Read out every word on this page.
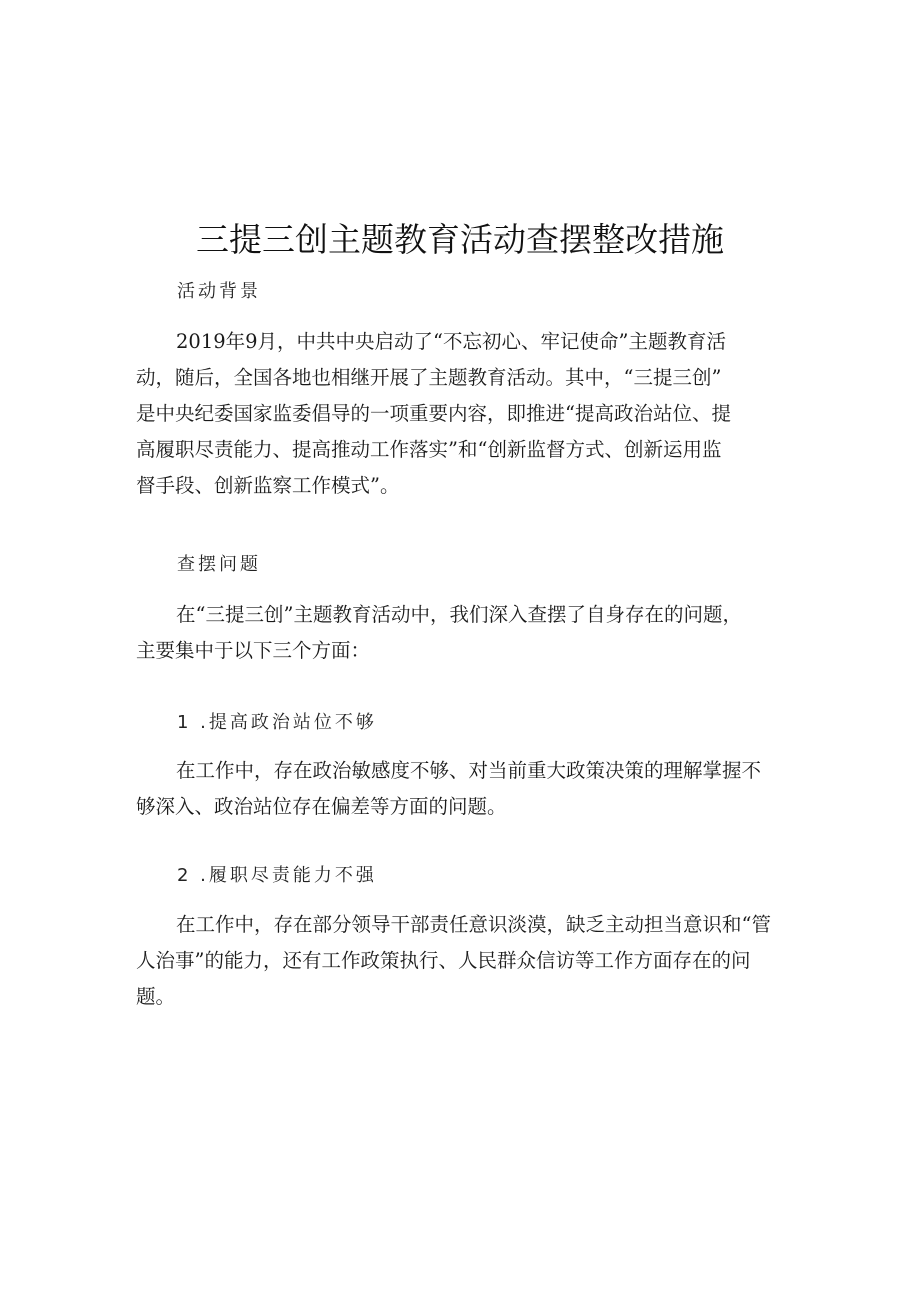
三提三创主题教育活动查摆整改措施
活动背景
2019年9月，中共中央启动了“不忘初心、牢记使命”主题教育活
动，随后，全国各地也相继开展了主题教育活动。其中，“三提三创”
是中央纪委国家监委倡导的一项重要内容，即推进“提高政治站位、提
高履职尽责能力、提高推动工作落实”和“创新监督方式、创新运用监
督手段、创新监察工作模式”。
查摆问题
在“三提三创”主题教育活动中，我们深入查摆了自身存在的问题，
主要集中于以下三个方面：
1 .提高政治站位不够
在工作中，存在政治敏感度不够、对当前重大政策决策的理解掌握不
够深入、政治站位存在偏差等方面的问题。
2 .履职尽责能力不强
在工作中，存在部分领导干部责任意识淡漠，缺乏主动担当意识和“管
人治事”的能力，还有工作政策执行、人民群众信访等工作方面存在的问
题。
